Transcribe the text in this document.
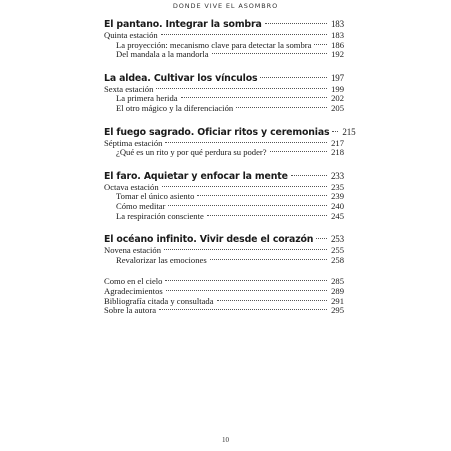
DONDE VIVE EL ASOMBRO
El pantano. Integrar la sombra	183
Quinta estación	183
La proyección: mecanismo clave para detectar la sombra 186
Del mandala a la mandorla	192
La aldea. Cultivar los vínculos	197
Sexta estación	199
La primera herida	202
El otro mágico y la diferenciación	205
El fuego sagrado. Oficiar ritos y ceremonias 215
Séptima estación	217
¿Qué es un rito y por qué perdura su poder?	218
El faro. Aquietar y enfocar la mente	233
Octava estación	235
Tomar el único asiento	239
Cómo meditar	240
La respiración consciente	245
El océano infinito. Vivir desde el corazón 253
Novena estación	255
Revalorizar las emociones	258
Como en el cielo	285
Agradecimientos	289
Bibliografía citada y consultada	291
Sobre la autora	295
10
